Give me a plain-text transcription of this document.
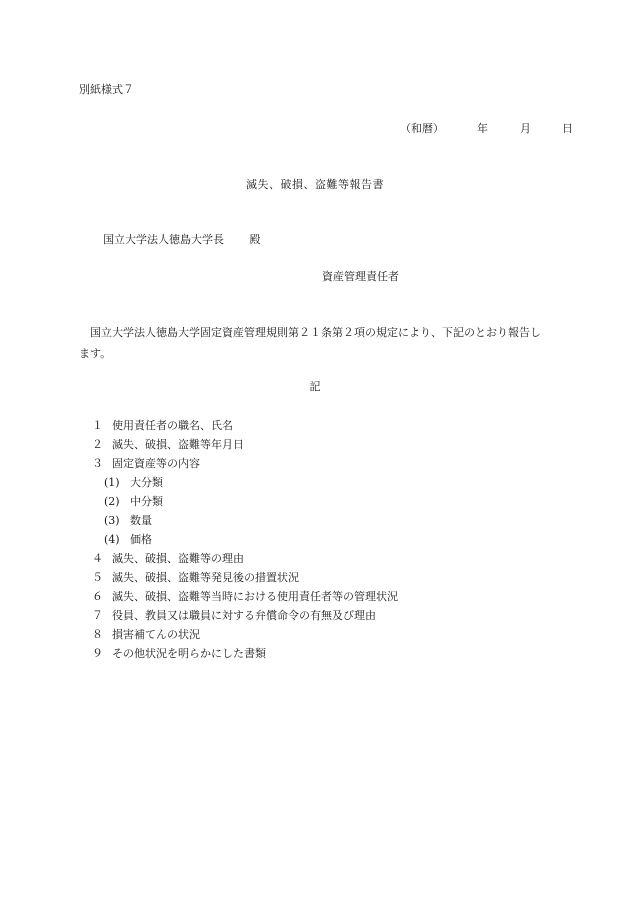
別紙様式７
（和暦）	年	月	日
滅失、破損、盗難等報告書
国立大学法人徳島大学長 殿
資産管理責任者
国立大学法人徳島大学固定資産管理規則第２１条第２項の規定により、下記のとおり報告します。
記
１ 使用責任者の職名、氏名
２ 滅失、破損、盗難等年月日
３ 固定資産等の内容
(1) 大分類
(2) 中分類
(3) 数量
(4) 価格
４ 滅失、破損、盗難等の理由
５ 滅失、破損、盗難等発見後の措置状況
６ 滅失、破損、盗難等当時における使用責任者等の管理状況
７ 役員、教員又は職員に対する弁償命令の有無及び理由
８ 損害補てんの状況
９ その他状況を明らかにした書類
